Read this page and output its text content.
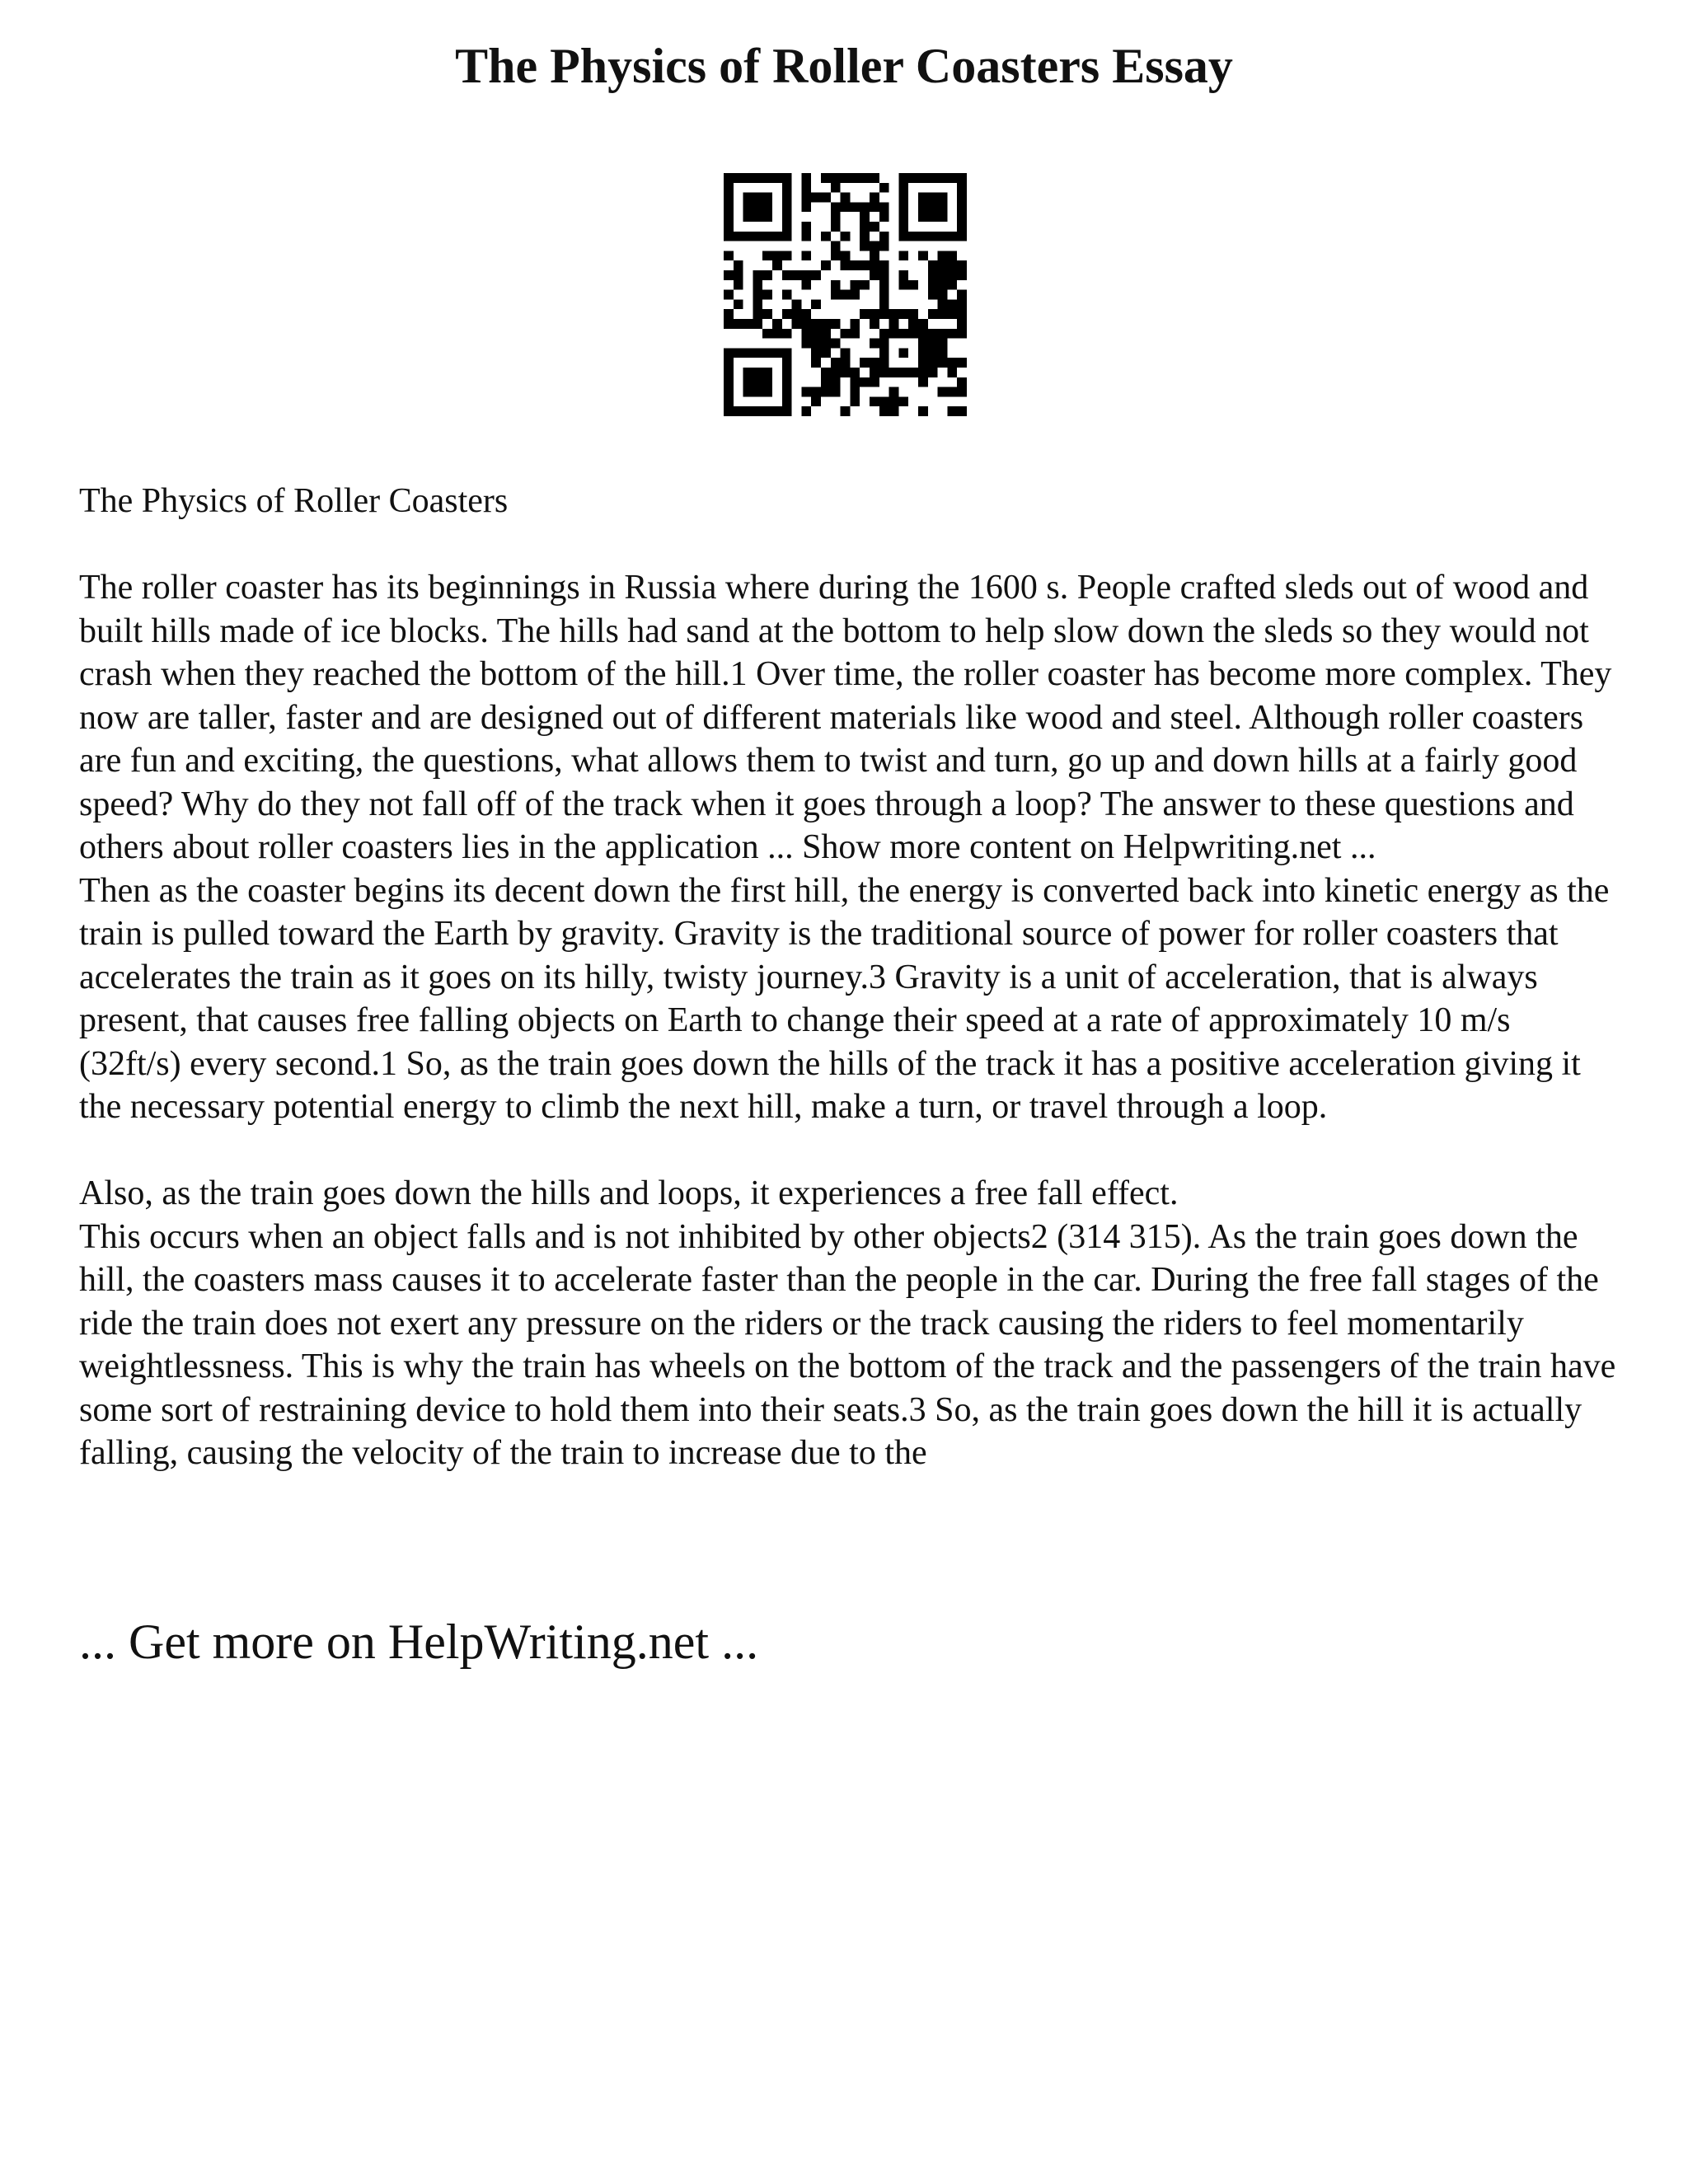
The Physics of Roller Coasters Essay

The Physics of Roller Coasters

The roller coaster has its beginnings in Russia where during the 1600 s. People crafted sleds out of wood and built hills made of ice blocks. The hills had sand at the bottom to help slow down the sleds so they would not crash when they reached the bottom of the hill.1 Over time, the roller coaster has become more complex. They now are taller, faster and are designed out of different materials like wood and steel. Although roller coasters are fun and exciting, the questions, what allows them to twist and turn, go up and down hills at a fairly good speed? Why do they not fall off of the track when it goes through a loop? The answer to these questions and others about roller coasters lies in the application ... Show more content on Helpwriting.net ...

Then as the coaster begins its decent down the first hill, the energy is converted back into kinetic energy as the train is pulled toward the Earth by gravity. Gravity is the traditional source of power for roller coasters that accelerates the train as it goes on its hilly, twisty journey.3 Gravity is a unit of acceleration, that is always present, that causes free falling objects on Earth to change their speed at a rate of approximately 10 m/s (32ft/s) every second.1 So, as the train goes down the hills of the track it has a positive acceleration giving it the necessary potential energy to climb the next hill, make a turn, or travel through a loop.

Also, as the train goes down the hills and loops, it experiences a free fall effect.

This occurs when an object falls and is not inhibited by other objects2 (314 315). As the train goes down the hill, the coasters mass causes it to accelerate faster than the people in the car. During the free fall stages of the ride the train does not exert any pressure on the riders or the track causing the riders to feel momentarily weightlessness. This is why the train has wheels on the bottom of the track and the passengers of the train have some sort of restraining device to hold them into their seats.3 So, as the train goes down the hill it is actually falling, causing the velocity of the train to increase due to the

... Get more on HelpWriting.net ...
